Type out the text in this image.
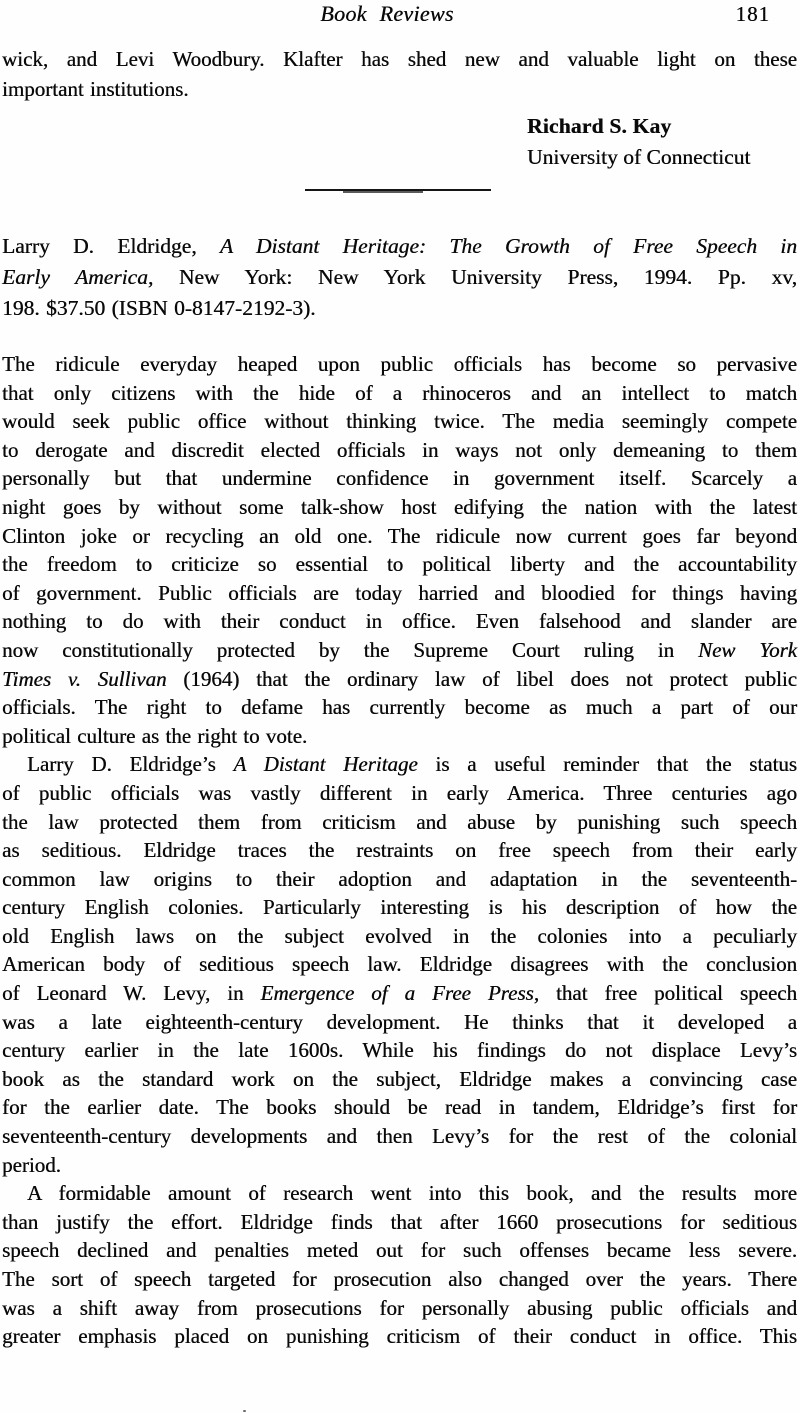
Book Reviews	181
wick, and Levi Woodbury. Klafter has shed new and valuable light on these
important institutions.
Richard S. Kay
University of Connecticut
Larry D. Eldridge, A Distant Heritage: The Growth of Free Speech in
Early America, New York: New York University Press, 1994. Pp. xv,
198. $37.50 (ISBN 0-8147-2192-3).
The ridicule everyday heaped upon public officials has become so pervasive
that only citizens with the hide of a rhinoceros and an intellect to match
would seek public office without thinking twice. The media seemingly compete
to derogate and discredit elected officials in ways not only demeaning to them
personally but that undermine confidence in government itself. Scarcely a
night goes by without some talk-show host edifying the nation with the latest
Clinton joke or recycling an old one. The ridicule now current goes far beyond
the freedom to criticize so essential to political liberty and the accountability
of government. Public officials are today harried and bloodied for things having
nothing to do with their conduct in office. Even falsehood and slander are
now constitutionally protected by the Supreme Court ruling in New York
Times v. Sullivan (1964) that the ordinary law of libel does not protect public
officials. The right to defame has currently become as much a part of our
political culture as the right to vote.
Larry D. Eldridge’s A Distant Heritage is a useful reminder that the status
of public officials was vastly different in early America. Three centuries ago
the law protected them from criticism and abuse by punishing such speech
as seditious. Eldridge traces the restraints on free speech from their early
common law origins to their adoption and adaptation in the seventeenth-
century English colonies. Particularly interesting is his description of how the
old English laws on the subject evolved in the colonies into a peculiarly
American body of seditious speech law. Eldridge disagrees with the conclusion
of Leonard W. Levy, in Emergence of a Free Press, that free political speech
was a late eighteenth-century development. He thinks that it developed a
century earlier in the late 1600s. While his findings do not displace Levy’s
book as the standard work on the subject, Eldridge makes a convincing case
for the earlier date. The books should be read in tandem, Eldridge’s first for
seventeenth-century developments and then Levy’s for the rest of the colonial
period.
A formidable amount of research went into this book, and the results more
than justify the effort. Eldridge finds that after 1660 prosecutions for seditious
speech declined and penalties meted out for such offenses became less severe.
The sort of speech targeted for prosecution also changed over the years. There
was a shift away from prosecutions for personally abusing public officials and
greater emphasis placed on punishing criticism of their conduct in office. This
